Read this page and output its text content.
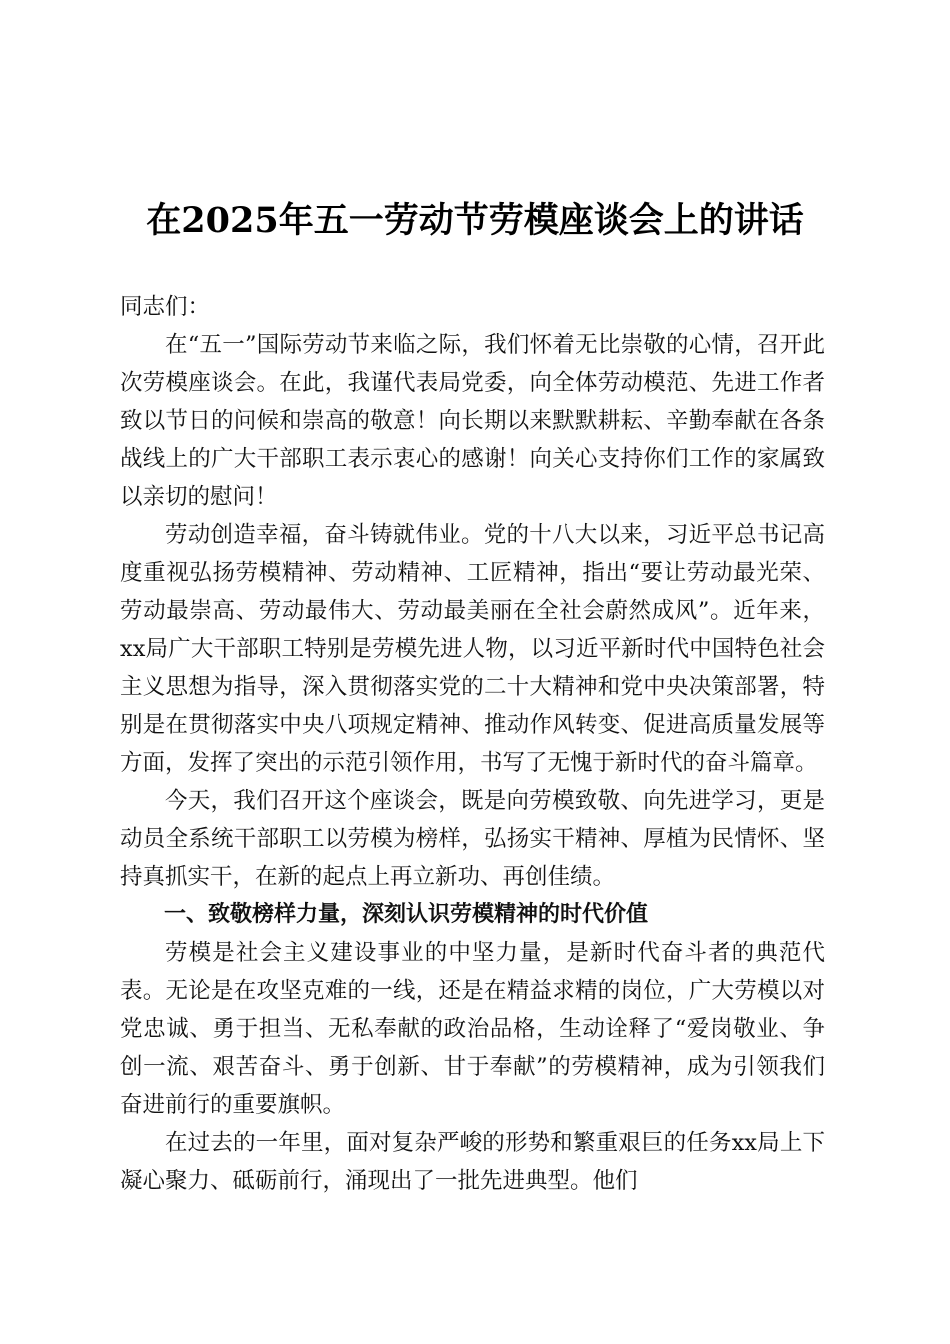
在2025年五一劳动节劳模座谈会上的讲话

同志们：

在“五一”国际劳动节来临之际，我们怀着无比崇敬的心情，召开此次劳模座谈会。在此，我谨代表局党委，向全体劳动模范、先进工作者致以节日的问候和崇高的敬意！向长期以来默默耕耘、辛勤奉献在各条战线上的广大干部职工表示衷心的感谢！向关心支持你们工作的家属致以亲切的慰问！

劳动创造幸福，奋斗铸就伟业。党的十八大以来，习近平总书记高度重视弘扬劳模精神、劳动精神、工匠精神，指出“要让劳动最光荣、劳动最崇高、劳动最伟大、劳动最美丽在全社会蔚然成风”。近年来，xx局广大干部职工特别是劳模先进人物，以习近平新时代中国特色社会主义思想为指导，深入贯彻落实党的二十大精神和党中央决策部署，特别是在贯彻落实中央八项规定精神、推动作风转变、促进高质量发展等方面，发挥了突出的示范引领作用，书写了无愧于新时代的奋斗篇章。

今天，我们召开这个座谈会，既是向劳模致敬、向先进学习，更是动员全系统干部职工以劳模为榜样，弘扬实干精神、厚植为民情怀、坚持真抓实干，在新的起点上再立新功、再创佳绩。

一、致敬榜样力量，深刻认识劳模精神的时代价值

劳模是社会主义建设事业的中坚力量，是新时代奋斗者的典范代表。无论是在攻坚克难的一线，还是在精益求精的岗位，广大劳模以对党忠诚、勇于担当、无私奉献的政治品格，生动诠释了“爱岗敬业、争创一流、艰苦奋斗、勇于创新、甘于奉献”的劳模精神，成为引领我们奋进前行的重要旗帜。

在过去的一年里，面对复杂严峻的形势和繁重艰巨的任务xx局上下凝心聚力、砥砺前行，涌现出了一批先进典型。他们
